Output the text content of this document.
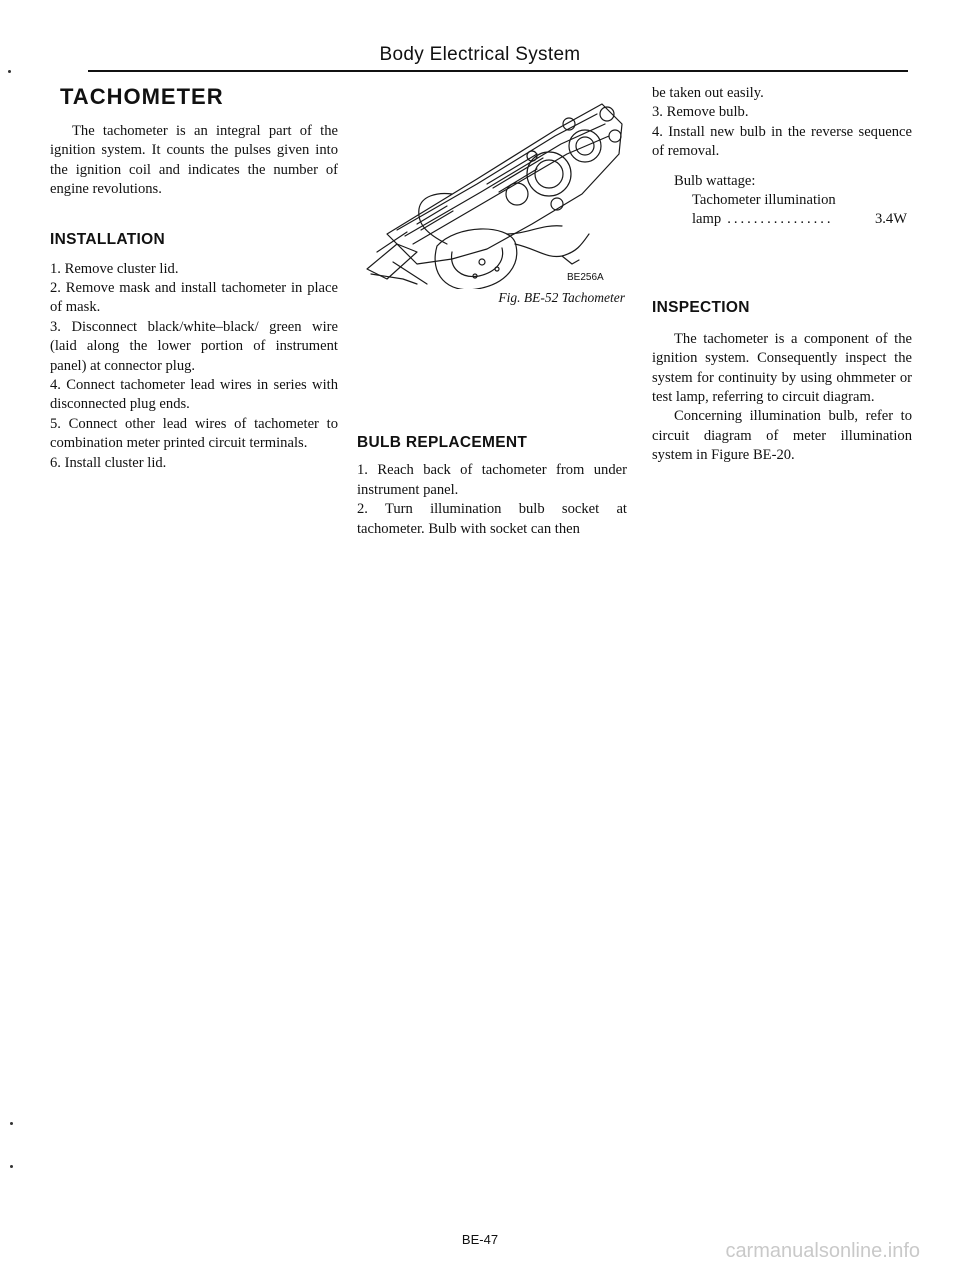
Body Electrical System
TACHOMETER

The tachometer is an integral part of the ignition system. It counts the pulses given into the ignition coil and indicates the number of engine revolutions.

INSTALLATION

1. Remove cluster lid.

2. Remove mask and install tachometer in place of mask.

3. Disconnect black/white–black/ green wire (laid along the lower portion of instrument panel) at connector plug.

4. Connect tachometer lead wires in series with disconnected plug ends.

5. Connect other lead wires of tachometer to combination meter printed circuit terminals.

6. Install cluster lid.

BE256A
Fig. BE-52 Tachometer
BULB REPLACEMENT

1. Reach back of tachometer from under instrument panel.

2. Turn illumination bulb socket at tachometer. Bulb with socket can then

be taken out easily.

3. Remove bulb.

4. Install new bulb in the reverse sequence of removal.

Bulb wattage:
Tachometer illumination
lamp ................	3.4W
INSPECTION

The tachometer is a component of the ignition system. Consequently inspect the system for continuity by using ohmmeter or test lamp, referring to circuit diagram.

Concerning illumination bulb, refer to circuit diagram of meter illumination system in Figure BE-20.

BE-47
carmanualsonline.info
